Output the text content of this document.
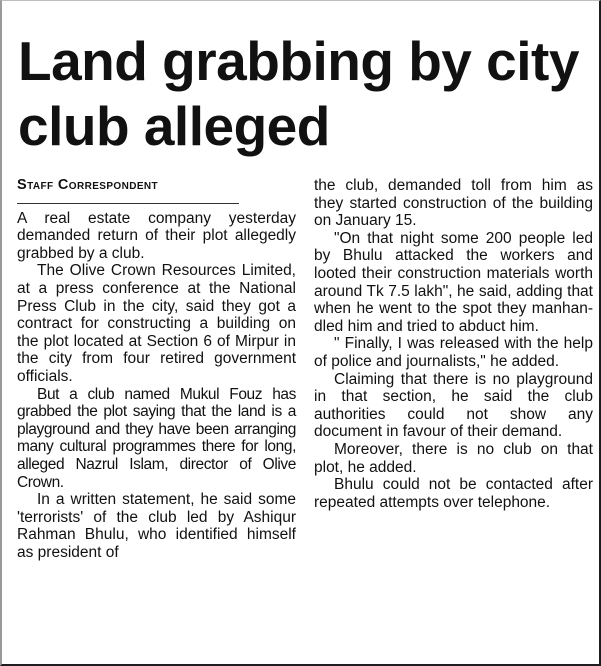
Land grabbing by city club alleged
Staff Correspondent

A real estate company yesterday demanded return of their plot allegedly grabbed by a club.

The Olive Crown Resources Limited, at a press conference at the National Press Club in the city, said they got a contract for constructing a building on the plot located at Section 6 of Mirpur in the city from four retired government officials.

But a club named Mukul Fouz has grabbed the plot saying that the land is a playground and they have been arranging many cultural programmes there for long, alleged Nazrul Islam, director of Olive Crown.

In a written statement, he said some 'terrorists' of the club led by Ashiqur Rahman Bhulu, who identified himself as president of

the club, demanded toll from him as they started construction of the building on January 15.

"On that night some 200 people led by Bhulu attacked the workers and looted their construction materials worth around Tk 7.5 lakh", he said, adding that when he went to the spot they manhandled him and tried to abduct him.

" Finally, I was released with the help of police and journalists," he added.

Claiming that there is no playground in that section, he said the club authorities could not show any document in favour of their demand.

Moreover, there is no club on that plot, he added.

Bhulu could not be contacted after repeated attempts over telephone.
